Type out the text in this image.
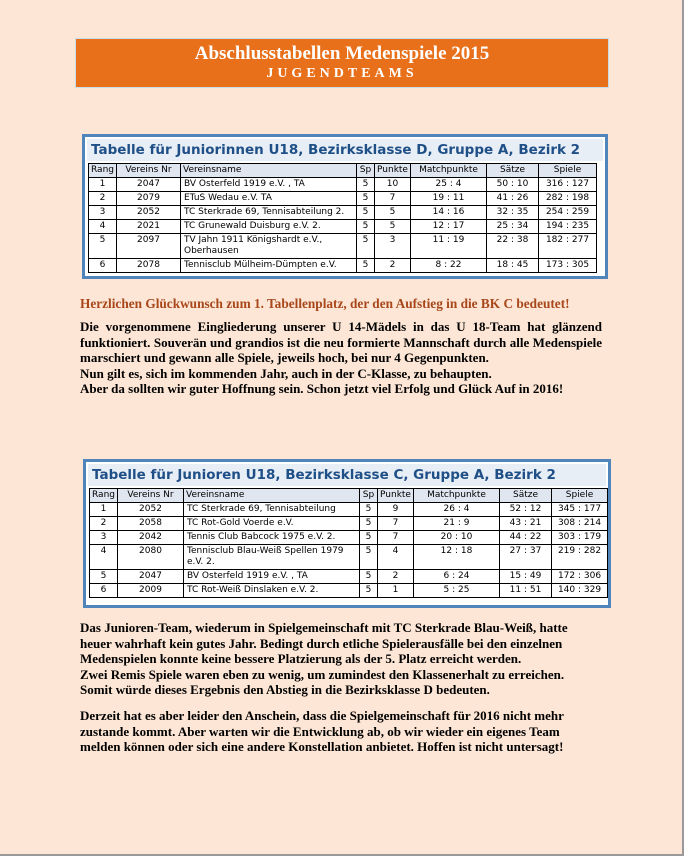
Abschlusstabellen Medenspiele 2015
JUGENDTEAMS
Tabelle für Juniorinnen U18, Bezirksklasse D, Gruppe A, Bezirk 2
Rang	Vereins Nr	Vereinsname	Sp	Punkte	Matchpunkte	Sätze	Spiele
1	2047	BV Osterfeld 1919 e.V. , TA	5	10	25 : 4	50 : 10	316 : 127
2	2079	ETuS Wedau e.V. TA	5	7	19 : 11	41 : 26	282 : 198
3	2052	TC Sterkrade 69, Tennisabteilung 2.	5	5	14 : 16	32 : 35	254 : 259
4	2021	TC Grunewald Duisburg e.V. 2.	5	5	12 : 17	25 : 34	194 : 235
5	2097	TV Jahn 1911 Königshardt e.V., Oberhausen	5	3	11 : 19	22 : 38	182 : 277
6	2078	Tennisclub Mülheim-Dümpten e.V.	5	2	8 : 22	18 : 45	173 : 305
Herzlichen Glückwunsch zum 1. Tabellenplatz, der den Aufstieg in die BK C bedeutet!
Die vorgenommene Eingliederung unserer U 14-Mädels in das U 18-Team hat glänzend funktioniert. Souverän und grandios ist die neu formierte Mannschaft durch alle Medenspiele marschiert und gewann alle Spiele, jeweils hoch, bei nur 4 Gegenpunkten.
Nun gilt es, sich im kommenden Jahr, auch in der C-Klasse, zu behaupten.
Aber da sollten wir guter Hoffnung sein. Schon jetzt viel Erfolg und Glück Auf in 2016!
Tabelle für Junioren U18, Bezirksklasse C, Gruppe A, Bezirk 2
Rang	Vereins Nr	Vereinsname	Sp	Punkte	Matchpunkte	Sätze	Spiele
1	2052	TC Sterkrade 69, Tennisabteilung	5	9	26 : 4	52 : 12	345 : 177
2	2058	TC Rot-Gold Voerde e.V.	5	7	21 : 9	43 : 21	308 : 214
3	2042	Tennis Club Babcock 1975 e.V. 2.	5	7	20 : 10	44 : 22	303 : 179
4	2080	Tennisclub Blau-Weiß Spellen 1979 e.V. 2.	5	4	12 : 18	27 : 37	219 : 282
5	2047	BV Osterfeld 1919 e.V. , TA	5	2	6 : 24	15 : 49	172 : 306
6	2009	TC Rot-Weiß Dinslaken e.V. 2.	5	1	5 : 25	11 : 51	140 : 329
Das Junioren-Team, wiederum in Spielgemeinschaft mit TC Sterkrade Blau-Weiß, hatte
heuer wahrhaft kein gutes Jahr. Bedingt durch etliche Spielerausfälle bei den einzelnen
Medenspielen konnte keine bessere Platzierung als der 5. Platz erreicht werden.
Zwei Remis Spiele waren eben zu wenig, um zumindest den Klassenerhalt zu erreichen.
Somit würde dieses Ergebnis den Abstieg in die Bezirksklasse D bedeuten.
Derzeit hat es aber leider den Anschein, dass die Spielgemeinschaft für 2016 nicht mehr
zustande kommt. Aber warten wir die Entwicklung ab, ob wir wieder ein eigenes Team
melden können oder sich eine andere Konstellation anbietet. Hoffen ist nicht untersagt!
